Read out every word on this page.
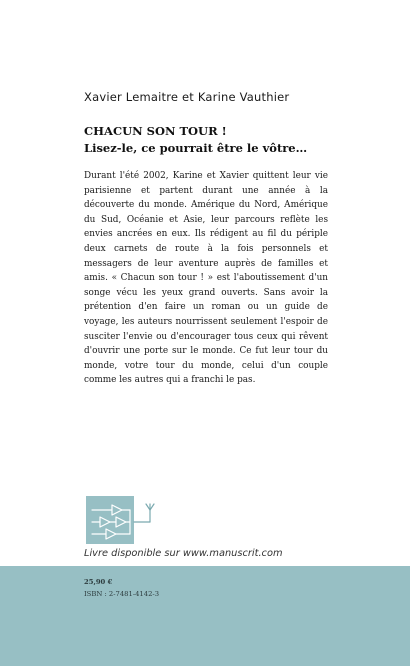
Xavier Lemaitre et Karine Vauthier
CHACUN SON TOUR !
Lisez-le, ce pourrait être le vôtre…

Durant l'été 2002, Karine et Xavier quittent leur vie parisienne et partent durant une année à la découverte du monde. Amérique du Nord, Amérique du Sud, Océanie et Asie, leur parcours reflète les envies ancrées en eux. Ils rédigent au fil du périple deux carnets de route à la fois personnels et messagers de leur aventure auprès de familles et amis. « Chacun son tour ! » est l'aboutissement d'un songe vécu les yeux grand ouverts. Sans avoir la prétention d'en faire un roman ou un guide de voyage, les auteurs nourrissent seulement l'espoir de susciter l'envie ou d'encourager tous ceux qui rêvent d'ouvrir une porte sur le monde. Ce fut leur tour du monde, votre tour du monde, celui d'un couple comme les autres qui a franchi le pas.

Livre disponible sur www.manuscrit.com
25,90 €
ISBN : 2-7481-4142-3
